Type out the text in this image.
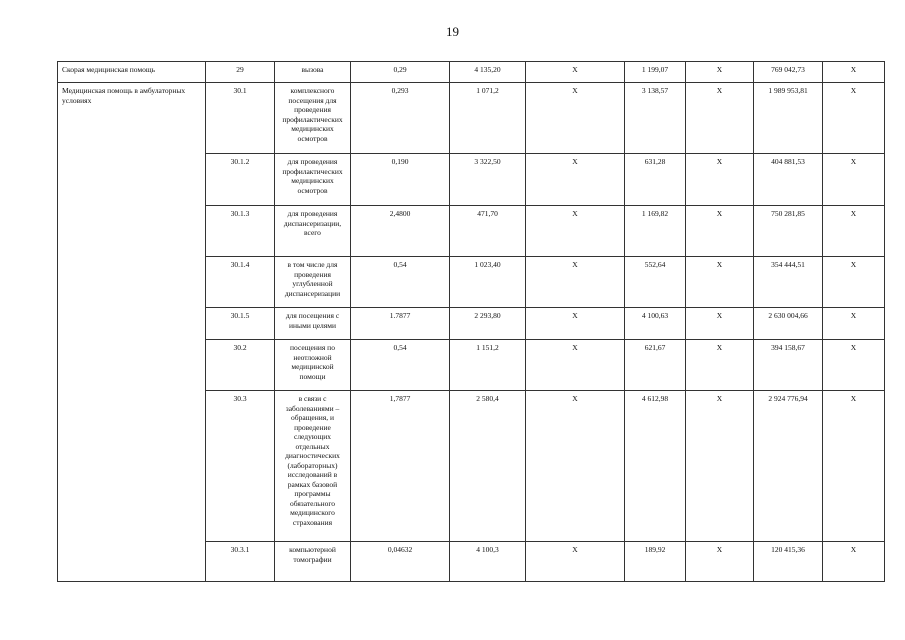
19
Скорая медицинская помощь	29	вызова	0,29	4 135,20	X	1 199,07	X	769 042,73	X
Медицинская помощь в амбулаторных условиях	30.1	комплексного посещения для проведения профилактических медицинских осмотров	0,293	1 071,2	X	3 138,57	X	1 989 953,81	X
	30.1.2	для проведения профилактических медицинских осмотров	0,190	3 322,50	X	631,28	X	404 881,53	X
	30.1.3	для проведения диспансеризации, всего	2,4800	471,70	X	1 169,82	X	750 281,85	X
	30.1.4	в том числе для проведения углубленной диспансеризации	0,54	1 023,40	X	552,64	X	354 444,51	X
	30.1.5	для посещения с иными целями	1.7877	2 293,80	X	4 100,63	X	2 630 004,66	X
	30.2	посещения по неотложной медицинской помощи	0,54	1 151,2	X	621,67	X	394 158,67	X
	30.3	в связи с заболеваниями – обращения, и проведение следующих отдельных диагностических (лабораторных) исследований в рамках базовой программы обязательного медицинского страхования	1,7877	2 580,4	X	4 612,98	X	2 924 776,94	X
	30.3.1	компьютерной томографии	0,04632	4 100,3	X	189,92	X	120 415,36	X
